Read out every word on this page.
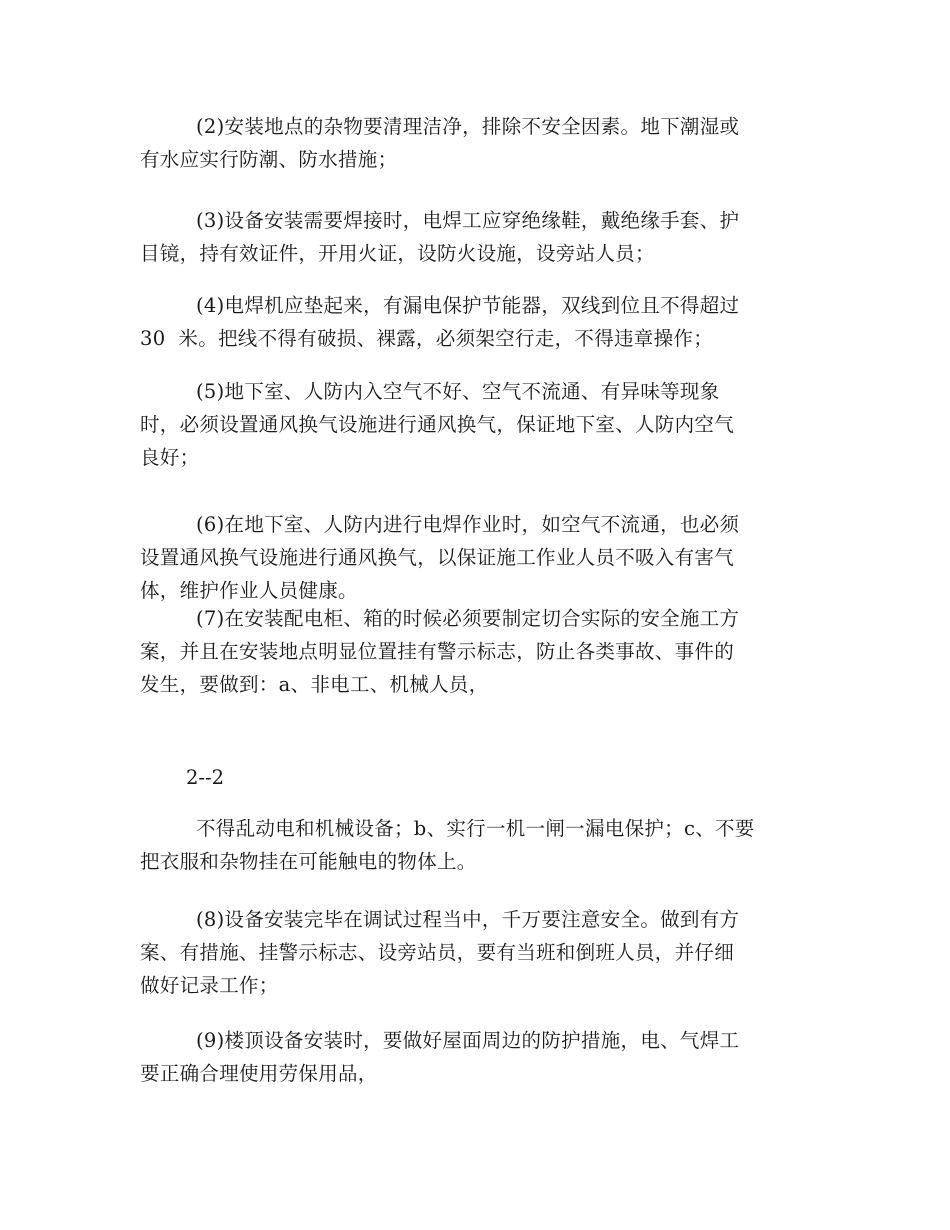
(2)安装地点的杂物要清理洁净，排除不安全因素。地下潮湿或
有水应实行防潮、防水措施；
(3)设备安装需要焊接时，电焊工应穿绝缘鞋，戴绝缘手套、护
目镜，持有效证件，开用火证，设防火设施，设旁站人员；
(4)电焊机应垫起来，有漏电保护节能器，双线到位且不得超过
30  米。把线不得有破损、裸露，必须架空行走，不得违章操作；
(5)地下室、人防内入空气不好、空气不流通、有异味等现象
时，必须设置通风换气设施进行通风换气，保证地下室、人防内空气
良好；
(6)在地下室、人防内进行电焊作业时，如空气不流通，也必须
设置通风换气设施进行通风换气，以保证施工作业人员不吸入有害气
体，维护作业人员健康。
(7)在安装配电柜、箱的时候必须要制定切合实际的安全施工方
案，并且在安装地点明显位置挂有警示标志，防止各类事故、事件的
发生，要做到：a、非电工、机械人员，
2--2
不得乱动电和机械设备；b、实行一机一闸一漏电保护；c、不要
把衣服和杂物挂在可能触电的物体上。
(8)设备安装完毕在调试过程当中，千万要注意安全。做到有方
案、有措施、挂警示标志、设旁站员，要有当班和倒班人员，并仔细
做好记录工作；
(9)楼顶设备安装时，要做好屋面周边的防护措施，电、气焊工
要正确合理使用劳保用品，
